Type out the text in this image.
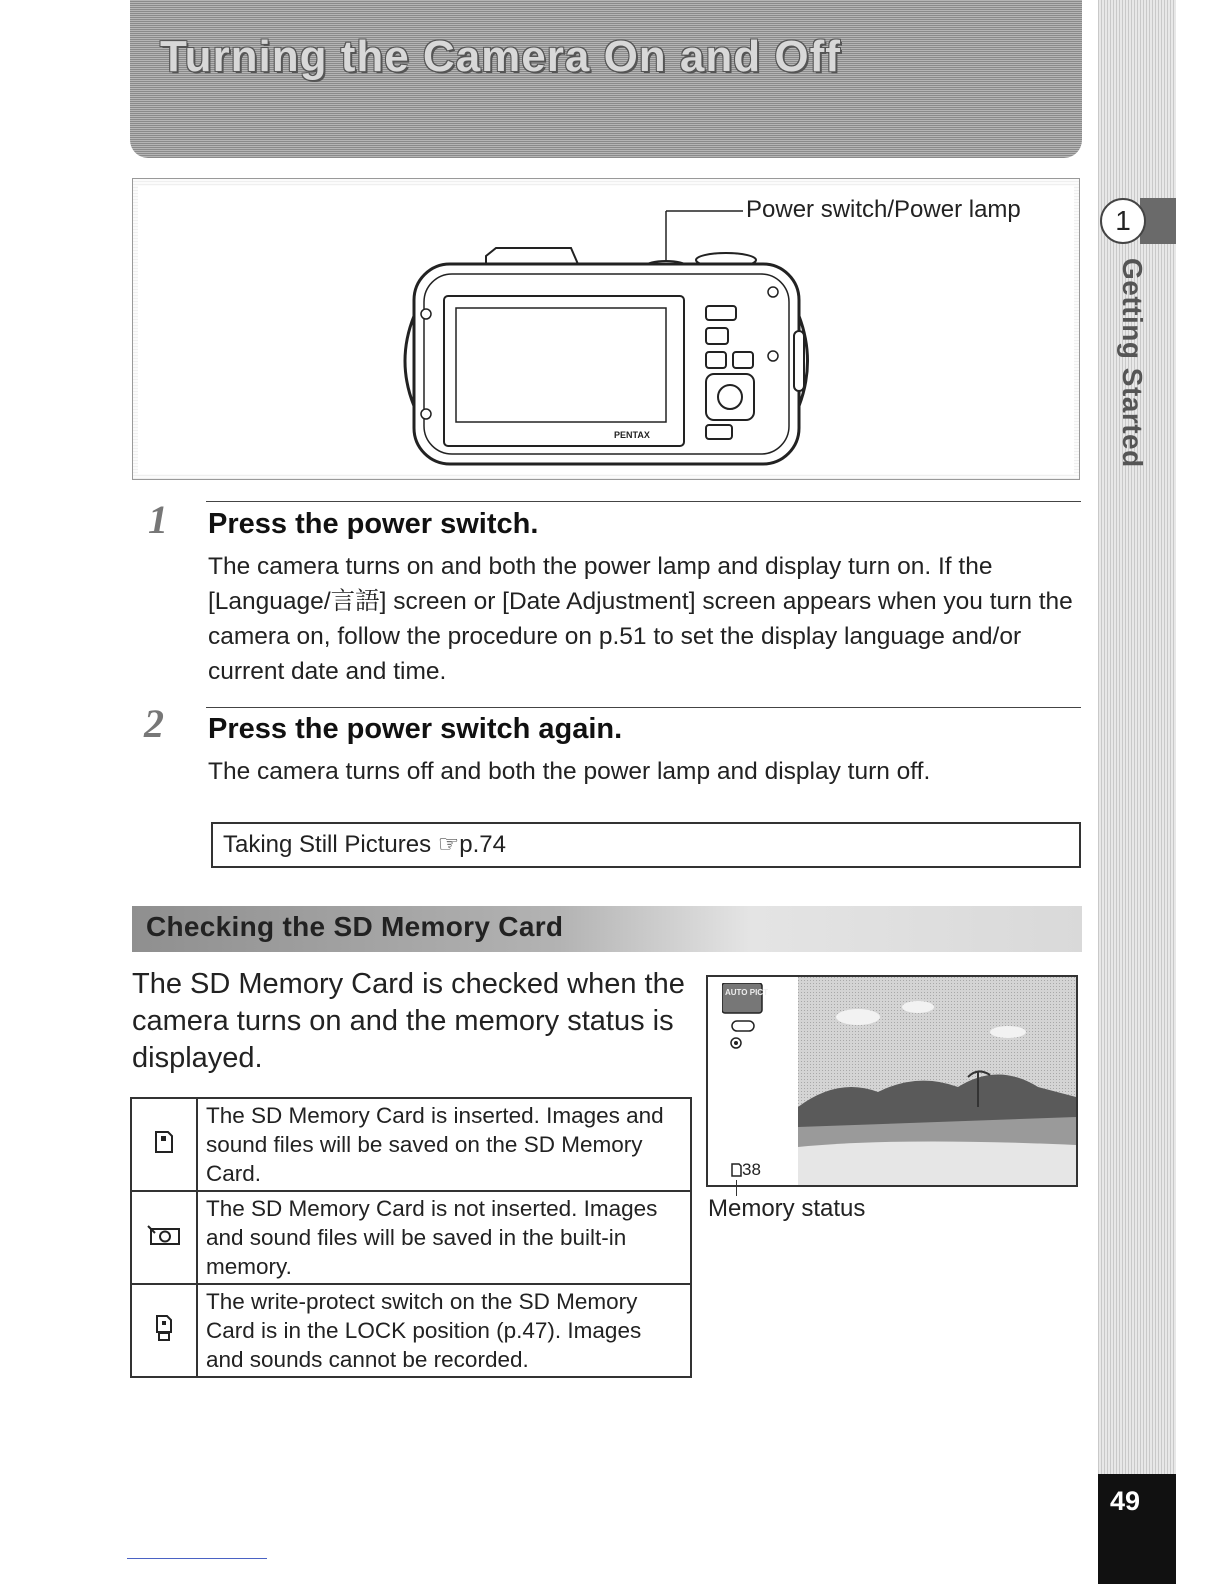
Turning the Camera On and Off
1
Getting Started
49
Power switch/Power lamp
PENTAX
1 Press the power switch.
The camera turns on and both the power lamp and display turn on. If the [Language/言語] screen or [Date Adjustment] screen appears when you turn the camera on, follow the procedure on p.51 to set the display language and/or current date and time.
2 Press the power switch again.
The camera turns off and both the power lamp and display turn off.
Taking Still Pictures ☞p.74
Checking the SD Memory Card
The SD Memory Card is checked when the camera turns on and the memory status is displayed.
	The SD Memory Card is inserted. Images and sound files will be saved on the SD Memory Card.
	The SD Memory Card is not inserted. Images and sound files will be saved in the built-in memory.
	The write-protect switch on the SD Memory Card is in the LOCK position (p.47). Images and sounds cannot be recorded.
AUTO PICT
38
Memory status
